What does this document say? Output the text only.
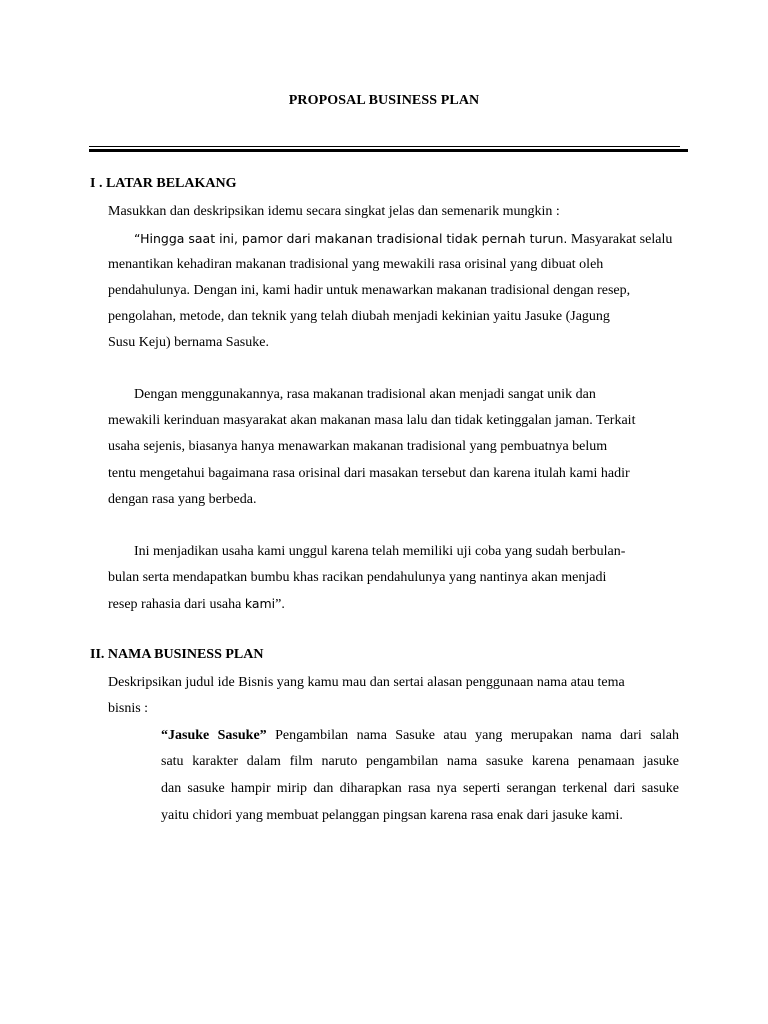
PROPOSAL BUSINESS PLAN
I . LATAR BELAKANG
Masukkan dan deskripsikan idemu secara singkat jelas dan semenarik mungkin :
“Hingga saat ini, pamor dari makanan tradisional tidak pernah turun. Masyarakat selalu
menantikan kehadiran makanan tradisional yang mewakili rasa orisinal yang dibuat oleh
pendahulunya. Dengan ini, kami hadir untuk menawarkan makanan tradisional dengan resep,
pengolahan, metode, dan teknik yang telah diubah menjadi kekinian yaitu Jasuke (Jagung
Susu Keju) bernama Sasuke.
Dengan menggunakannya, rasa makanan tradisional akan menjadi sangat unik dan
mewakili kerinduan masyarakat akan makanan masa lalu dan tidak ketinggalan jaman. Terkait
usaha sejenis, biasanya hanya menawarkan makanan tradisional yang pembuatnya belum
tentu mengetahui bagaimana rasa orisinal dari masakan tersebut dan karena itulah kami hadir
dengan rasa yang berbeda.
Ini menjadikan usaha kami unggul karena telah memiliki uji coba yang sudah berbulan-
bulan serta mendapatkan bumbu khas racikan pendahulunya yang nantinya akan menjadi
resep rahasia dari usaha kami”.
II. NAMA BUSINESS PLAN
Deskripsikan judul ide Bisnis yang kamu mau dan sertai alasan penggunaan nama atau tema
bisnis :
“Jasuke Sasuke” Pengambilan nama Sasuke atau yang merupakan nama dari salah
satu karakter dalam film naruto pengambilan nama sasuke karena penamaan jasuke
dan sasuke hampir mirip dan diharapkan rasa nya seperti serangan terkenal dari sasuke
yaitu chidori yang membuat pelanggan pingsan karena rasa enak dari jasuke kami.
